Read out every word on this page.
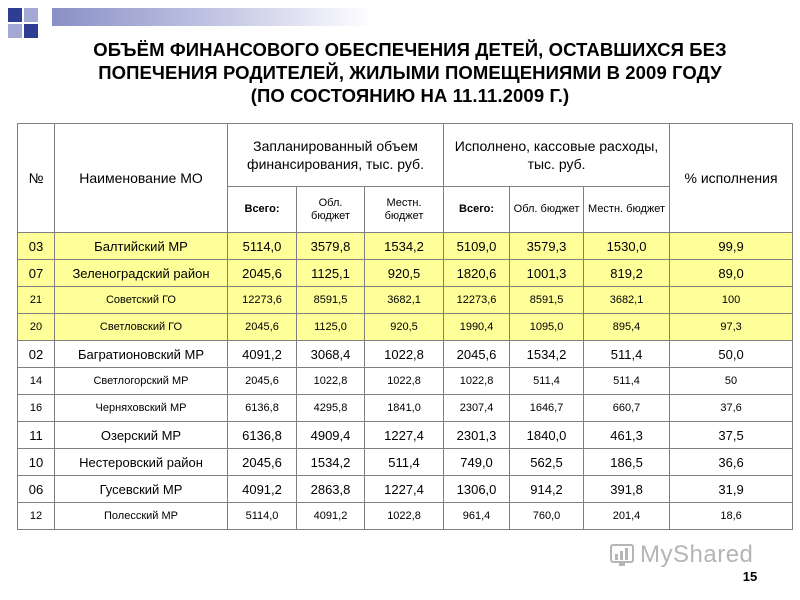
ОБЪЁМ ФИНАНСОВОГО ОБЕСПЕЧЕНИЯ ДЕТЕЙ, ОСТАВШИХСЯ БЕЗ
ПОПЕЧЕНИЯ РОДИТЕЛЕЙ, ЖИЛЫМИ ПОМЕЩЕНИЯМИ В 2009 ГОДУ
(ПО СОСТОЯНИЮ НА 11.11.2009 Г.)
№	Наименование МО	Запланированный объем финансирования, тыс. руб.			Исполнено, кассовые расходы, тыс. руб.			% исполнения
		Всего:	Обл. бюджет	Местн. бюджет	Всего:	Обл. бюджет	Местн. бюджет	
03	Балтийский МР	5114,0	3579,8	1534,2	5109,0	3579,3	1530,0	99,9
07	Зеленоградский район	2045,6	1125,1	920,5	1820,6	1001,3	819,2	89,0
21	Советский ГО	12273,6	8591,5	3682,1	12273,6	8591,5	3682,1	100
20	Светловский ГО	2045,6	1125,0	920,5	1990,4	1095,0	895,4	97,3
02	Багратионовский МР	4091,2	3068,4	1022,8	2045,6	1534,2	511,4	50,0
14	Светлогорский МР	2045,6	1022,8	1022,8	1022,8	511,4	511,4	50
16	Черняховский МР	6136,8	4295,8	1841,0	2307,4	1646,7	660,7	37,6
11	Озерский МР	6136,8	4909,4	1227,4	2301,3	1840,0	461,3	37,5
10	Нестеровский район	2045,6	1534,2	511,4	749,0	562,5	186,5	36,6
06	Гусевский МР	4091,2	2863,8	1227,4	1306,0	914,2	391,8	31,9
12	Полесский МР	5114,0	4091,2	1022,8	961,4	760,0	201,4	18,6
MyShared
15
